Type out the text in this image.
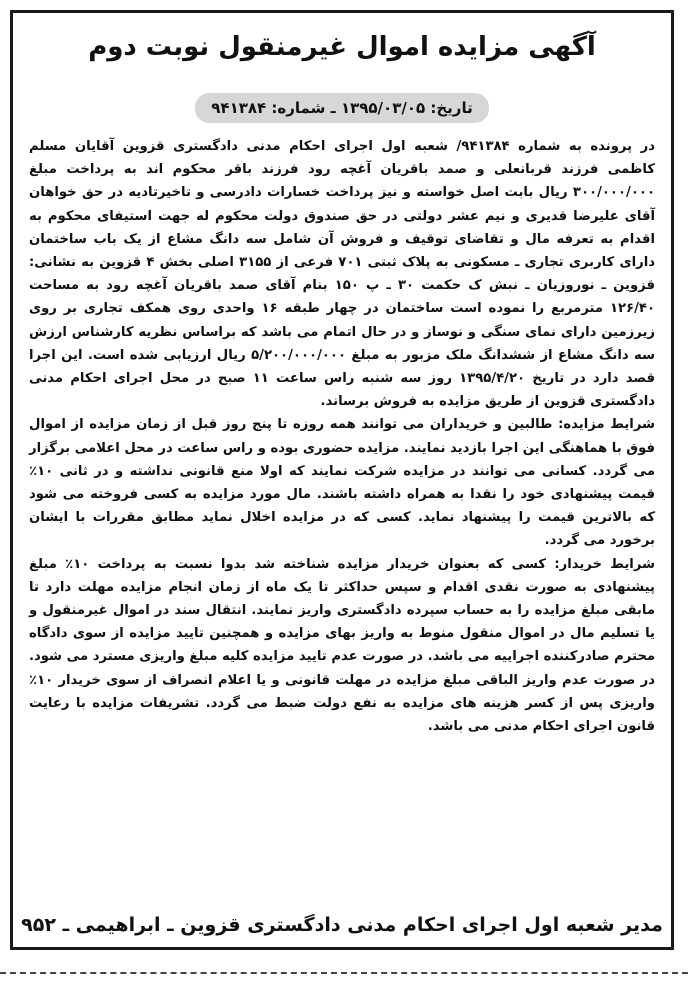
آگهی مزایده اموال غیرمنقول نوبت دوم
تاریخ: ۱۳۹۵/۰۳/۰۵ ـ شماره: ۹۴۱۳۸۴

در پرونده به شماره ۹۴۱۳۸۴/ شعبه اول اجرای احکام مدنی دادگستری قزوین آقایان مسلم کاظمی فرزند قربانعلی و صمد باقریان آغچه رود فرزند باقر محکوم اند به پرداخت مبلغ ۳۰۰/۰۰۰/۰۰۰ ریال بابت اصل خواسته و نیز پرداخت خسارات دادرسی و تاخیرتادیه در حق خواهان آقای علیرضا قدیری و نیم عشر دولتی در حق صندوق دولت محکوم له جهت استیفای محکوم به اقدام به تعرفه مال و تقاضای توقیف و فروش آن شامل سه دانگ مشاع از یک باب ساختمان دارای کاربری تجاری ـ مسکونی به پلاک ثبتی ۷۰۱ فرعی از ۳۱۵۵ اصلی بخش ۴ قزوین به نشانی: قزوین ـ نوروزیان ـ نبش ک حکمت ۳۰ ـ پ ۱۵۰ بنام آقای صمد باقریان آغچه رود به مساحت ۱۲۶/۴۰ مترمربع را نموده است ساختمان در چهار طبقه ۱۶ واحدی روی همکف تجاری بر روی زیرزمین دارای نمای سنگی و نوساز و در حال اتمام می باشد که براساس نظریه کارشناس ارزش سه دانگ مشاع از ششدانگ ملک مزبور به مبلغ ۵/۲۰۰/۰۰۰/۰۰۰ ریال ارزیابی شده است. این اجرا قصد دارد در تاریخ ۱۳۹۵/۴/۲۰ روز سه شنبه راس ساعت ۱۱ صبح در محل اجرای احکام مدنی دادگستری قزوین از طریق مزایده به فروش برساند.

شرایط مزایده: طالبین و خریداران می توانند همه روزه تا پنج روز قبل از زمان مزایده از اموال فوق با هماهنگی این اجرا بازدید نمایند. مزایده حضوری بوده و راس ساعت در محل اعلامی برگزار می گردد. کسانی می توانند در مزایده شرکت نمایند که اولا منع قانونی نداشته و در ثانی ۱۰٪ قیمت پیشنهادی خود را نقدا به همراه داشته باشند. مال مورد مزایده به کسی فروخته می شود که بالاترین قیمت را پیشنهاد نماید. کسی که در مزایده اخلال نماید مطابق مقررات با ایشان برخورد می گردد.

شرایط خریدار: کسی که بعنوان خریدار مزایده شناخته شد بدوا نسبت به پرداخت ۱۰٪ مبلغ پیشنهادی به صورت نقدی اقدام و سپس حداکثر تا یک ماه از زمان انجام مزایده مهلت دارد تا مابقی مبلغ مزایده را به حساب سپرده دادگستری واریز نمایند. انتقال سند در اموال غیرمنقول و یا تسلیم مال در اموال منقول منوط به واریز بهای مزایده و همچنین تایید مزایده از سوی دادگاه محترم صادرکننده اجراییه می باشد. در صورت عدم تایید مزایده کلیه مبلغ واریزی مسترد می شود. در صورت عدم واریز الباقی مبلغ مزایده در مهلت قانونی و یا اعلام انصراف از سوی خریدار ۱۰٪ واریزی پس از کسر هزینه های مزایده به نفع دولت ضبط می گردد. تشریفات مزایده با رعایت قانون اجرای احکام مدنی می باشد.

مدیر شعبه اول اجرای احکام مدنی دادگستری قزوین ـ ابراهیمی ـ ۹۵۲
